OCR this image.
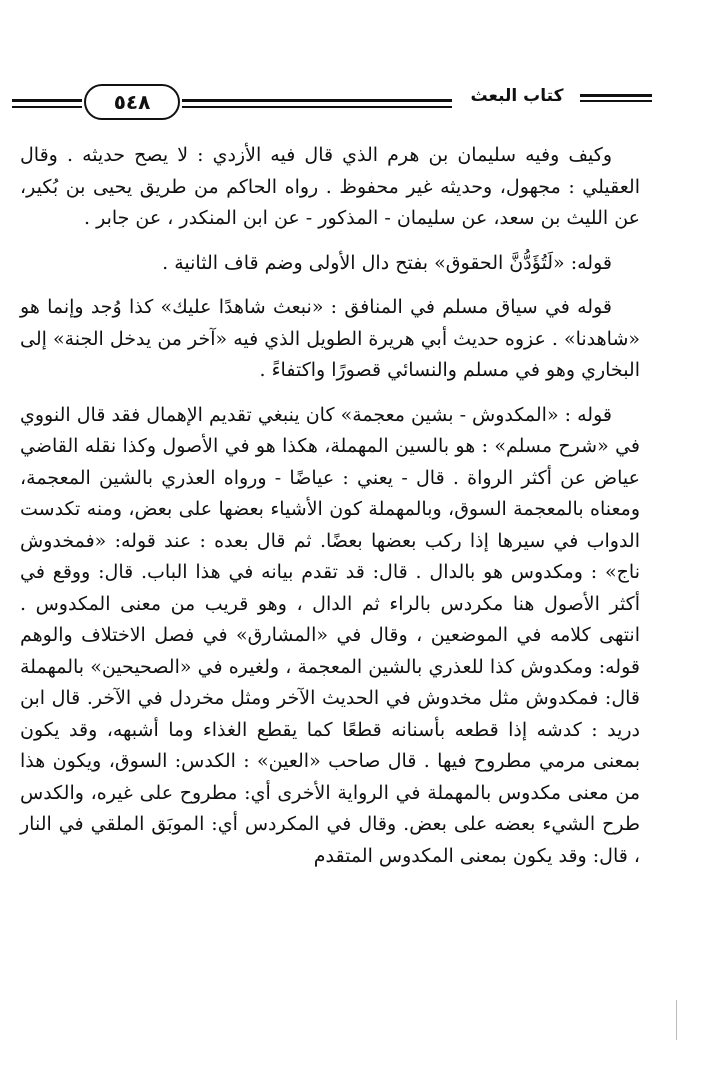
٥٤٨	كتاب البعث

وكيف وفيه سليمان بن هرم الذي قال فيه الأزدي : لا يصح حديثه . وقال العقيلي : مجهول، وحديثه غير محفوظ . رواه الحاكم من طريق يحيى بن بُكير، عن الليث بن سعد، عن سليمان - المذكور - عن ابن المنكدر ، عن جابر .

قوله: «لَتُؤَدُّنَّ الحقوق» بفتح دال الأولى وضم قاف الثانية .

قوله في سياق مسلم في المنافق : «نبعث شاهدًا عليك» كذا وُجد وإنما هو «شاهدنا» . عزوه حديث أبي هريرة الطويل الذي فيه «آخر من يدخل الجنة» إلى البخاري وهو في مسلم والنسائي قصورًا واكتفاءً .

قوله : «المكدوش - بشين معجمة» كان ينبغي تقديم الإهمال فقد قال النووي في «شرح مسلم» : هو بالسين المهملة، هكذا هو في الأصول وكذا نقله القاضي عياض عن أكثر الرواة . قال - يعني : عياضًا - ورواه العذري بالشين المعجمة، ومعناه بالمعجمة السوق، وبالمهملة كون الأشياء بعضها على بعض، ومنه تكدست الدواب في سيرها إذا ركب بعضها بعضًا. ثم قال بعده : عند قوله: «فمخدوش ناج» : ومكدوس هو بالدال . قال: قد تقدم بيانه في هذا الباب. قال: ووقع في أكثر الأصول هنا مكردس بالراء ثم الدال ، وهو قريب من معنى المكدوس . انتهى كلامه في الموضعين ، وقال في «المشارق» في فصل الاختلاف والوهم قوله: ومكدوش كذا للعذري بالشين المعجمة ، ولغيره في «الصحيحين» بالمهملة قال: فمكدوش مثل مخدوش في الحديث الآخر ومثل مخردل في الآخر. قال ابن دريد : كدشه إذا قطعه بأسنانه قطعًا كما يقطع الغذاء وما أشبهه، وقد يكون بمعنى مرمي مطروح فيها . قال صاحب «العين» : الكدس: السوق، ويكون هذا من معنى مكدوس بالمهملة في الرواية الأخرى أي: مطروح على غيره، والكدس طرح الشيء بعضه على بعض. وقال في المكردس أي: الموبَق الملقي في النار ، قال: وقد يكون بمعنى المكدوس المتقدم
